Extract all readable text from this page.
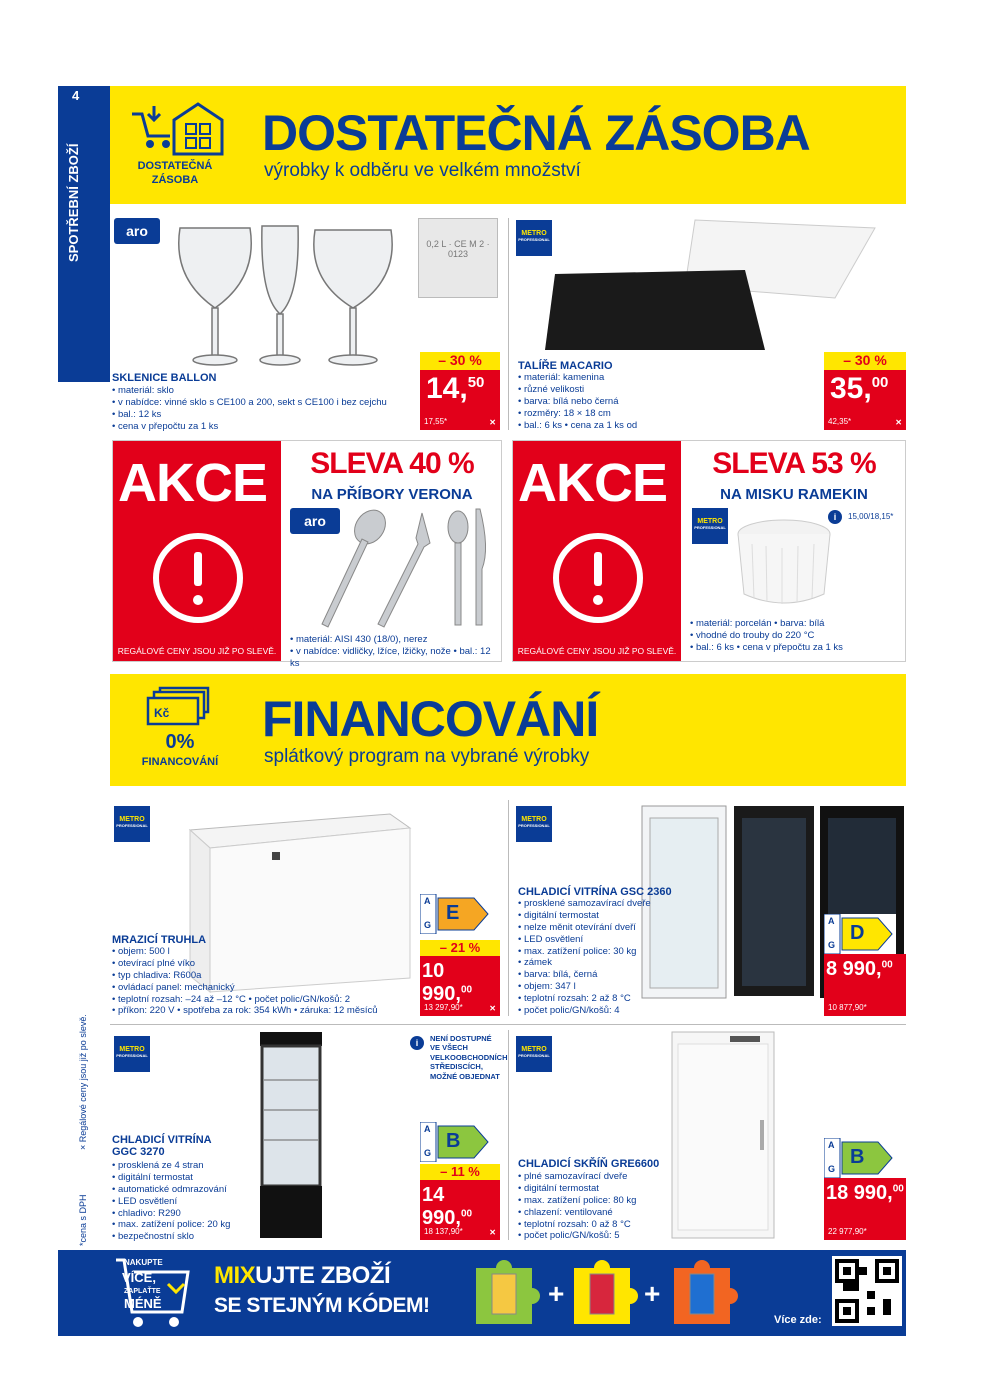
4
DOSTATEČNÁ
ZÁSOBA
DOSTATEČNÁ ZÁSOBA
výrobky k odběru ve velkém množství
aro
0,2 L · CE M 2 · 0123
SKLENICE BALLON
• materiál: sklo
• v nabídce: vinné sklo s CE100 a 200, sekt s CE100 i bez cejchu
• bal.: 12 ks
• cena v přepočtu za 1 ks
– 30 %
14,50
17,55*	✕
METRO
PROFESSIONAL
TALÍŘE MACARIO
• materiál: kamenina
• různé velikosti
• barva: bílá nebo černá
• rozměry: 18 × 18 cm
• bal.: 6 ks • cena za 1 ks od
– 30 %
35,00
42,35*	✕
AKCE
REGÁLOVÉ CENY JSOU JIŽ PO SLEVĚ.
SLEVA 40 %
NA PŘÍBORY VERONA
aro
• materiál: AISI 430 (18/0), nerez
• v nabídce: vidličky, lžíce, lžičky, nože • bal.: 12 ks
AKCE
REGÁLOVÉ CENY JSOU JIŽ PO SLEVĚ.
SLEVA 53 %
NA MISKU RAMEKIN
METRO
PROFESSIONAL
i	15,00/18,15*
• materiál: porcelán • barva: bílá
• vhodné do trouby do 220 °C
• bal.: 6 ks • cena v přepočtu za 1 ks
Kč
0%
FINANCOVÁNÍ
FINANCOVÁNÍ
splátkový program na vybrané výrobky
METRO
PROFESSIONAL
A
G
E
MRAZICÍ TRUHLA
• objem: 500 l
• otevírací plné víko
• typ chladiva: R600a
• ovládací panel: mechanický
• teplotní rozsah: –24 až –12 °C • počet polic/GN/košů: 2
• příkon: 220 V • spotřeba za rok: 354 kWh • záruka: 12 měsíců
– 21 %
10 990,00
13 297,90*	✕
METRO
PROFESSIONAL
CHLADICÍ VITRÍNA GSC 2360
• prosklené samozavírací dveře
• digitální termostat
• nelze měnit otevírání dveří
• LED osvětlení
• max. zatížení police: 30 kg
• zámek
• barva: bílá, černá
• objem: 347 l
• teplotní rozsah: 2 až 8 °C
• počet polic/GN/košů: 4
A
G
D
8 990,00
10 877,90*
METRO
PROFESSIONAL
i	NENÍ DOSTUPNÉ
VE VŠECH
VELKOOBCHODNÍCH
STŘEDISCÍCH,
MOŽNÉ OBJEDNAT
A
G
B
CHLADICÍ VITRÍNA
GGC 3270
• prosklená ze 4 stran
• digitální termostat
• automatické odmrazování
• LED osvětlení
• chladivo: R290
• max. zatížení police: 20 kg
• bezpečnostní sklo
– 11 %
14 990,00
18 137,90*	✕
METRO
PROFESSIONAL
CHLADICÍ SKŘÍŇ GRE6600
• plné samozavírací dveře
• digitální termostat
• max. zatížení police: 80 kg
• chlazení: ventilované
• teplotní rozsah: 0 až 8 °C
• počet polic/GN/košů: 5
A
G
B
18 990,00
22 977,90*
× Regálové ceny jsou již po slevě.
*cena s DPH
NAKUPTE
VÍCE,
ZAPLAŤTE
MÉNĚ
MIXUJTE ZBOŽÍ
SE STEJNÝM KÓDEM!	+	+
Více zde:
